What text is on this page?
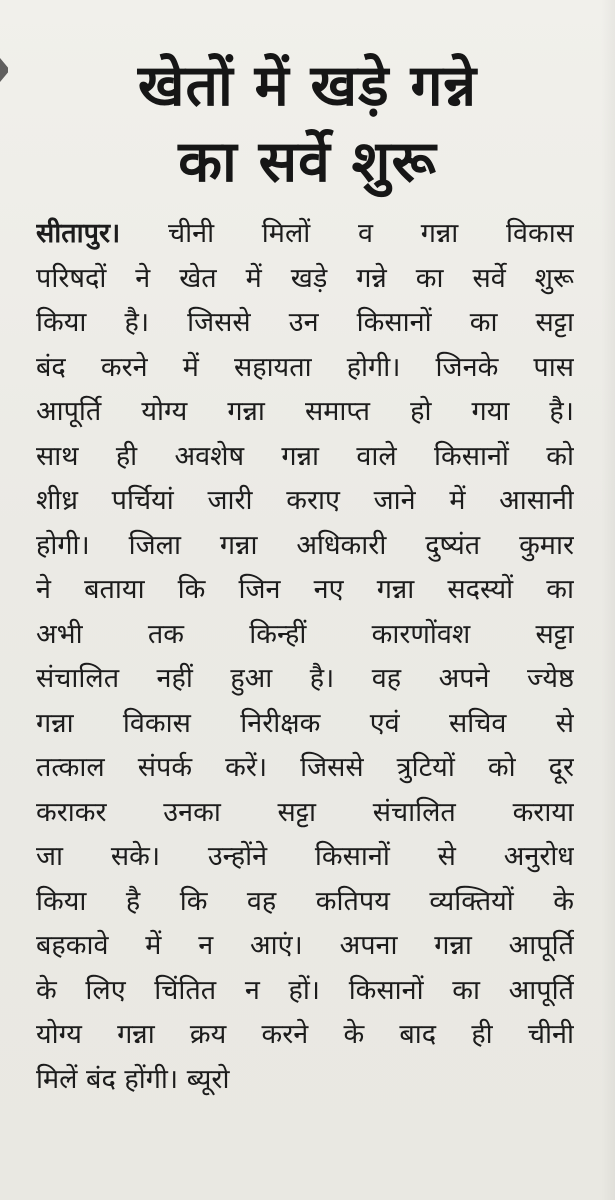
खेतों में खड़े गन्ने
का सर्वे शुरू
सीतापुर। चीनी मिलों व गन्ना विकास
परिषदों ने खेत में खड़े गन्ने का सर्वे शुरू
किया है। जिससे उन किसानों का सट्टा
बंद करने में सहायता होगी। जिनके पास
आपूर्ति योग्य गन्ना समाप्त हो गया है।
साथ ही अवशेष गन्ना वाले किसानों को
शीध्र पर्चियां जारी कराए जाने में आसानी
होगी। जिला गन्ना अधिकारी दुष्यंत कुमार
ने बताया कि जिन नए गन्ना सदस्यों का
अभी तक किन्हीं कारणोंवश सट्टा
संचालित नहीं हुआ है। वह अपने ज्येष्ठ
गन्ना विकास निरीक्षक एवं सचिव से
तत्काल संपर्क करें। जिससे त्रुटियों को दूर
कराकर उनका सट्टा संचालित कराया
जा सके। उन्होंने किसानों से अनुरोध
किया है कि वह कतिपय व्यक्तियों के
बहकावे में न आएं। अपना गन्ना आपूर्ति
के लिए चिंतित न हों। किसानों का आपूर्ति
योग्य गन्ना क्रय करने के बाद ही चीनी
मिलें बंद होंगी। ब्यूरो
